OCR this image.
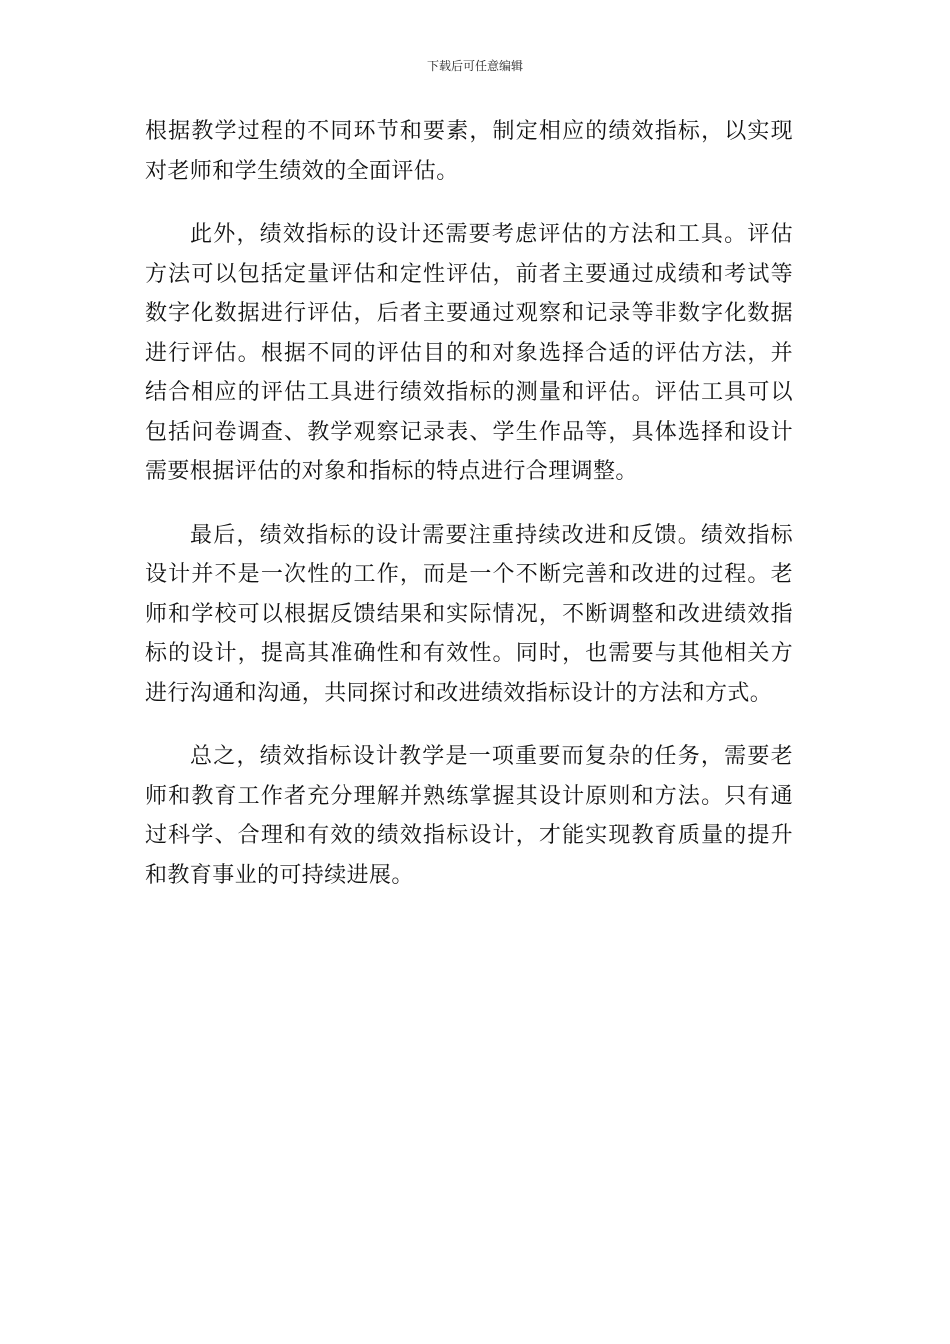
下载后可任意编辑

根据教学过程的不同环节和要素，制定相应的绩效指标，以实现对老师和学生绩效的全面评估。

此外，绩效指标的设计还需要考虑评估的方法和工具。评估方法可以包括定量评估和定性评估，前者主要通过成绩和考试等数字化数据进行评估，后者主要通过观察和记录等非数字化数据进行评估。根据不同的评估目的和对象选择合适的评估方法，并结合相应的评估工具进行绩效指标的测量和评估。评估工具可以包括问卷调查、教学观察记录表、学生作品等，具体选择和设计需要根据评估的对象和指标的特点进行合理调整。

最后，绩效指标的设计需要注重持续改进和反馈。绩效指标设计并不是一次性的工作，而是一个不断完善和改进的过程。老师和学校可以根据反馈结果和实际情况，不断调整和改进绩效指标的设计，提高其准确性和有效性。同时，也需要与其他相关方进行沟通和沟通，共同探讨和改进绩效指标设计的方法和方式。

总之，绩效指标设计教学是一项重要而复杂的任务，需要老师和教育工作者充分理解并熟练掌握其设计原则和方法。只有通过科学、合理和有效的绩效指标设计，才能实现教育质量的提升和教育事业的可持续进展。
